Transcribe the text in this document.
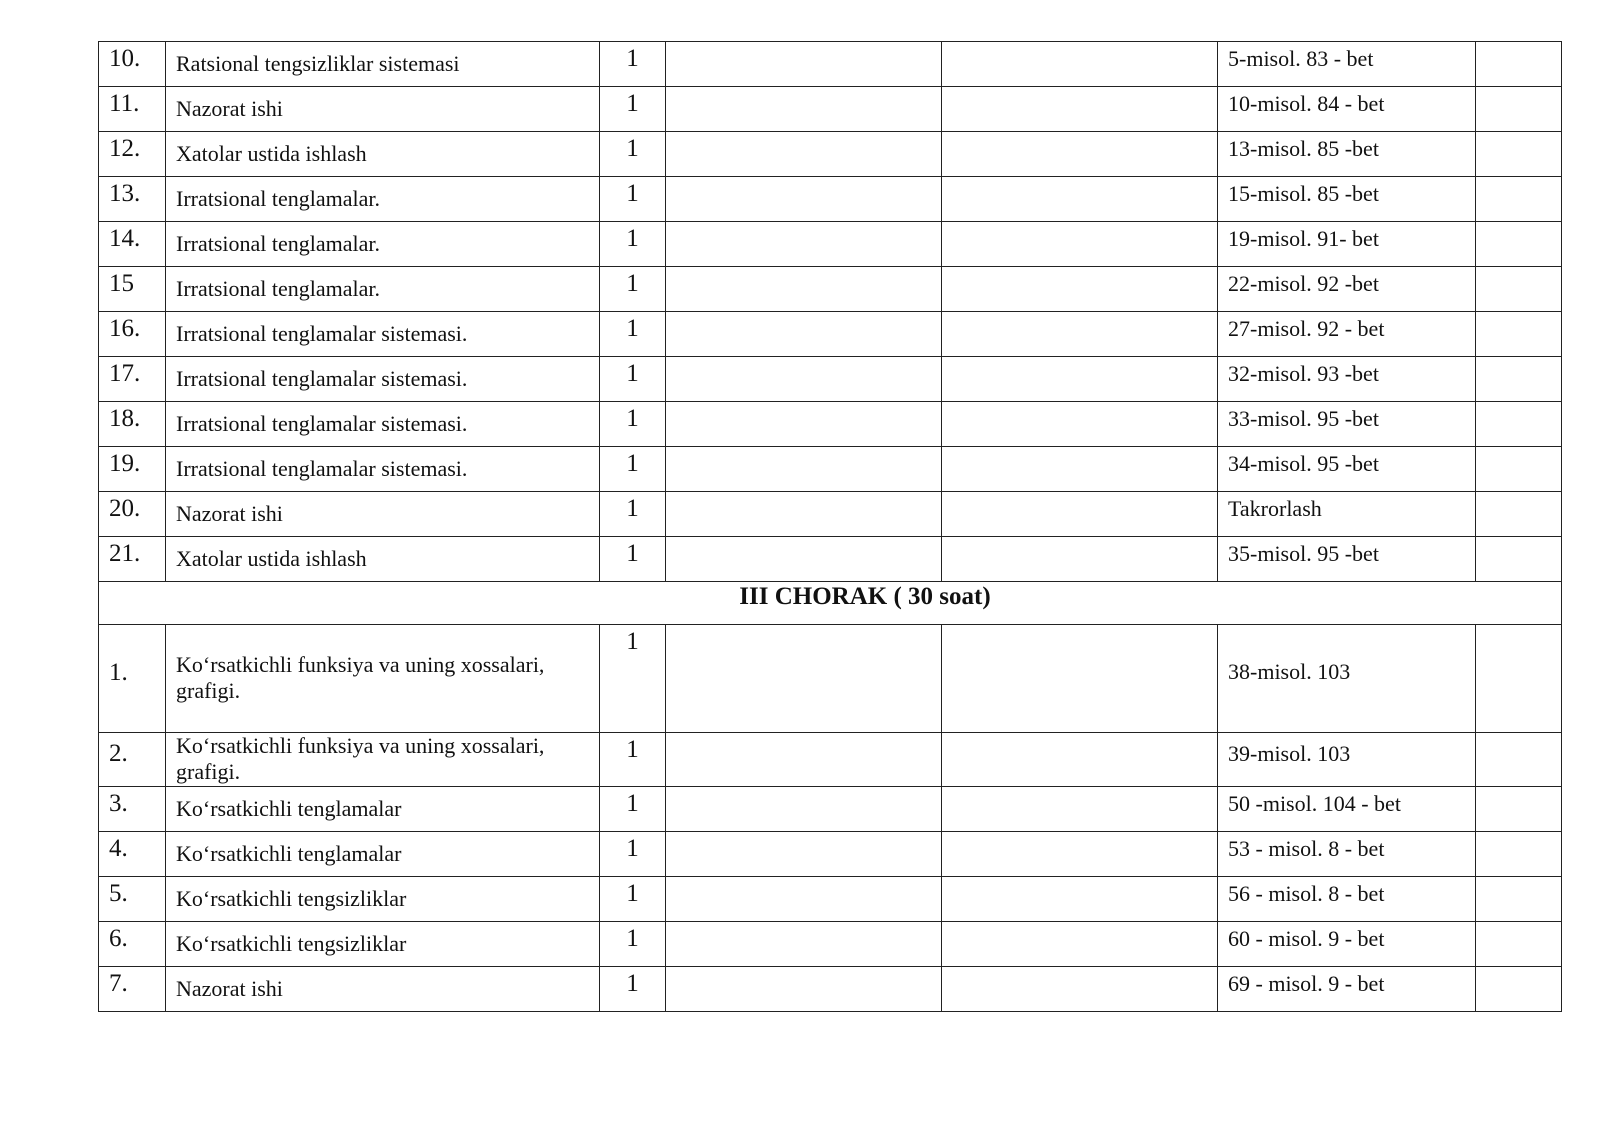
10.	Ratsional tengsizliklar sistemasi	1			5-misol. 83 - bet	

11.	Nazorat ishi	1			10-misol. 84 - bet	

12.	Xatolar ustida ishlash	1			13-misol. 85 -bet	

13.	Irratsional tenglamalar.	1			15-misol. 85 -bet	

14.	Irratsional tenglamalar.	1			19-misol. 91- bet	

15	Irratsional tenglamalar.	1			22-misol. 92 -bet	

16.	Irratsional tenglamalar sistemasi.	1			27-misol. 92 - bet	

17.	Irratsional tenglamalar sistemasi.	1			32-misol. 93 -bet	

18.	Irratsional tenglamalar sistemasi.	1			33-misol. 95 -bet	

19.	Irratsional tenglamalar sistemasi.	1			34-misol. 95 -bet	

20.	Nazorat ishi	1			Takrorlash	

21.	Xatolar ustida ishlash	1			35-misol. 95 -bet	

III CHORAK ( 30 soat)						

1.	Ko‘rsatkichli funksiya va uning xossalari, grafigi.	1			38-misol. 103	

2.	Ko‘rsatkichli funksiya va uning xossalari, grafigi.	1			39-misol. 103	

3.	Ko‘rsatkichli tenglamalar	1			50 -misol. 104 - bet	

4.	Ko‘rsatkichli tenglamalar	1			53 - misol. 8 - bet	

5.	Ko‘rsatkichli tengsizliklar	1			56 - misol. 8 - bet	

6.	Ko‘rsatkichli tengsizliklar	1			60 - misol. 9 - bet	

7.	Nazorat ishi	1			69 - misol. 9 - bet	
